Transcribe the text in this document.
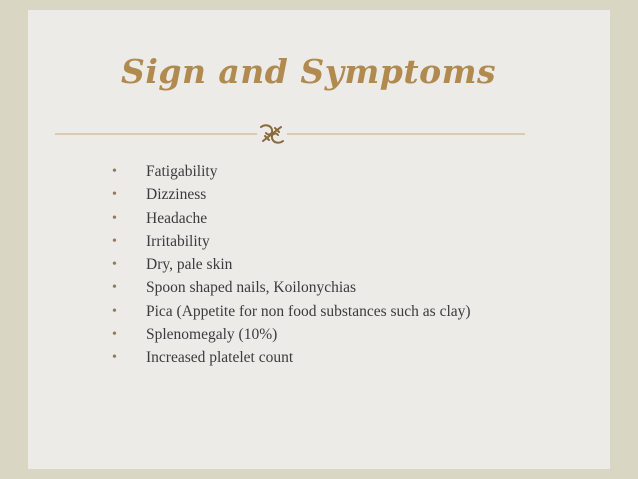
Sign and Symptoms
• Fatigability
• Dizziness
• Headache
• Irritability
• Dry, pale skin
• Spoon shaped nails, Koilonychias
• Pica (Appetite for non food substances such as clay)
• Splenomegaly (10%)
• Increased platelet count
